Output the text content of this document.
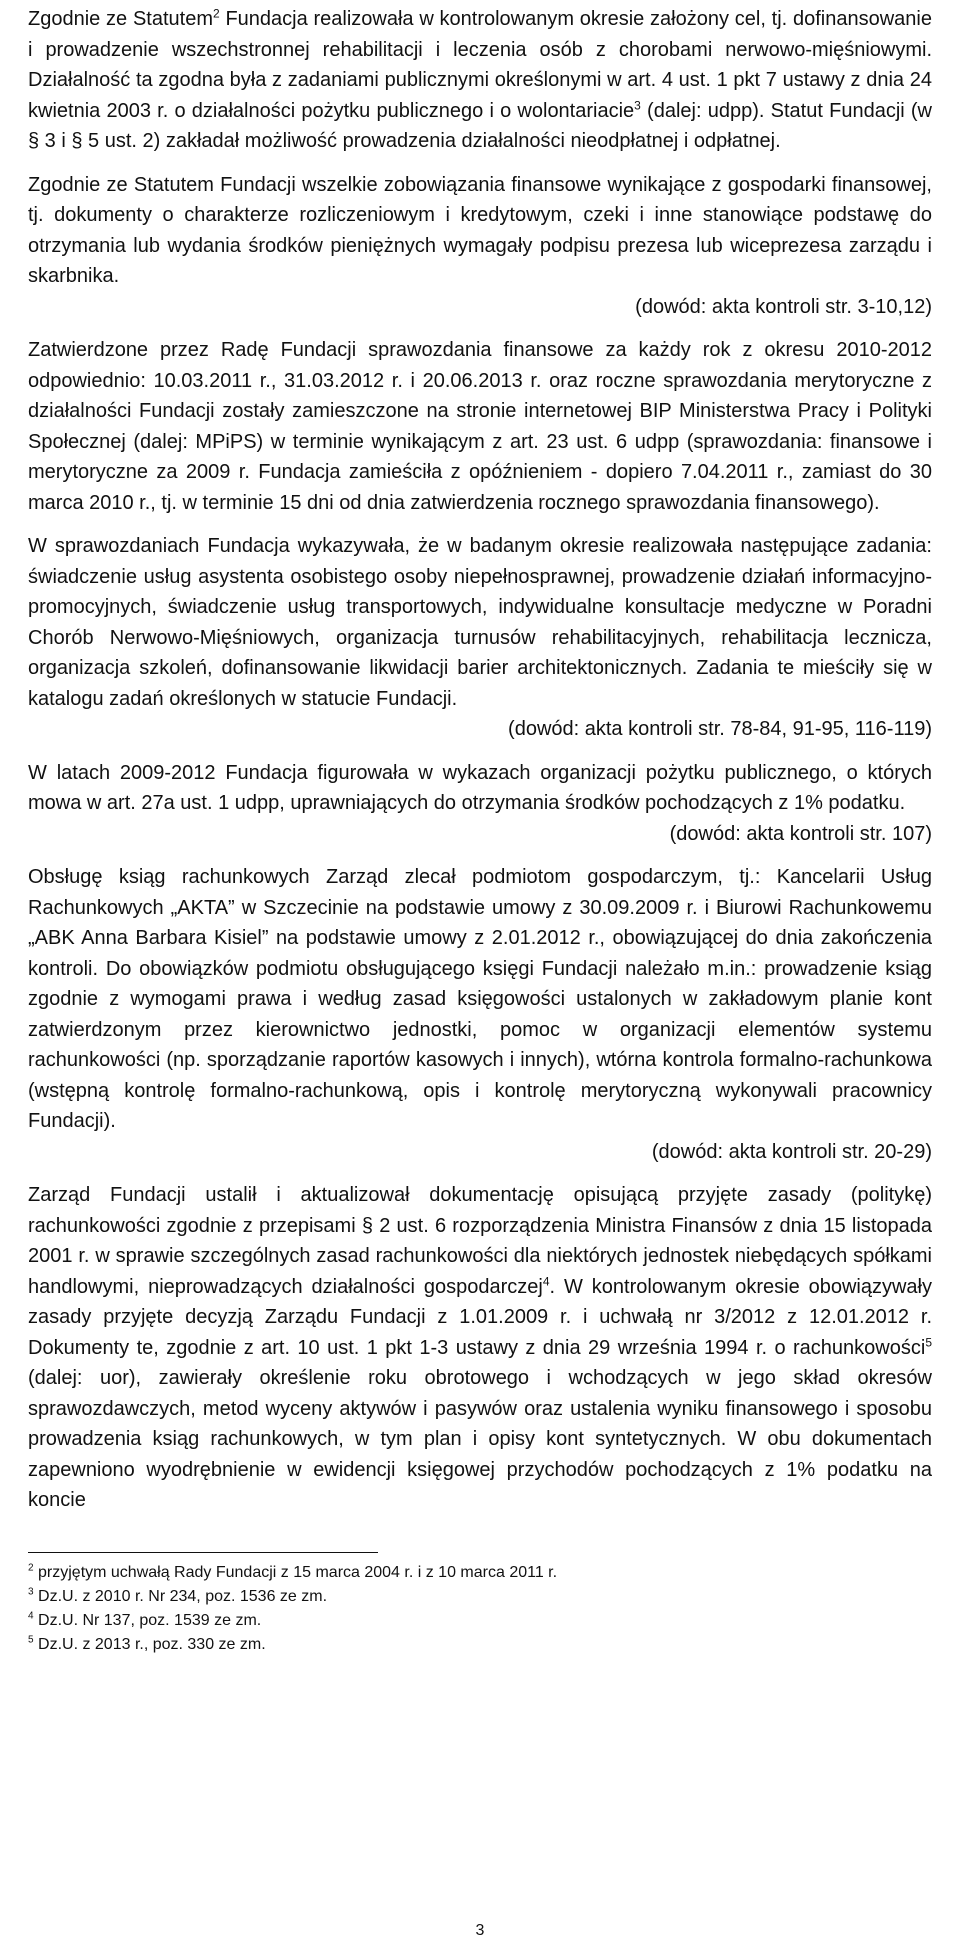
Zgodnie ze Statutem$^2$ Fundacja realizowała w kontrolowanym okresie założony cel, tj. dofinansowanie i prowadzenie wszechstronnej rehabilitacji i leczenia osób z chorobami nerwowo-mięśniowymi. Działalność ta zgodna była z zadaniami publicznymi określonymi w art. 4 ust. 1 pkt 7 ustawy z dnia 24 kwietnia 2003 r. o działalności pożytku publicznego i o wolontariacie$^3$ (dalej: udpp). Statut Fundacji (w § 3 i § 5 ust. 2) zakładał możliwość prowadzenia działalności nieodpłatnej i odpłatnej.

Zgodnie ze Statutem Fundacji wszelkie zobowiązania finansowe wynikające z gospodarki finansowej, tj. dokumenty o charakterze rozliczeniowym i kredytowym, czeki i inne stanowiące podstawę do otrzymania lub wydania środków pieniężnych wymagały podpisu prezesa lub wiceprezesa zarządu i skarbnika.

(dowód: akta kontroli str. 3-10,12)

Zatwierdzone przez Radę Fundacji sprawozdania finansowe za każdy rok z okresu 2010-2012 odpowiednio: 10.03.2011 r., 31.03.2012 r. i 20.06.2013 r. oraz roczne sprawozdania merytoryczne z działalności Fundacji zostały zamieszczone na stronie internetowej BIP Ministerstwa Pracy i Polityki Społecznej (dalej: MPiPS) w terminie wynikającym z art. 23 ust. 6 udpp (sprawozdania: finansowe i merytoryczne za 2009 r. Fundacja zamieściła z opóźnieniem - dopiero 7.04.2011 r., zamiast do 30 marca 2010 r., tj. w terminie 15 dni od dnia zatwierdzenia rocznego sprawozdania finansowego).

W sprawozdaniach Fundacja wykazywała, że w badanym okresie realizowała następujące zadania: świadczenie usług asystenta osobistego osoby niepełnosprawnej, prowadzenie działań informacyjno-promocyjnych, świadczenie usług transportowych, indywidualne konsultacje medyczne w Poradni Chorób Nerwowo-Mięśniowych, organizacja turnusów rehabilitacyjnych, rehabilitacja lecznicza, organizacja szkoleń, dofinansowanie likwidacji barier architektonicznych. Zadania te mieściły się w katalogu zadań określonych w statucie Fundacji.

(dowód: akta kontroli str. 78-84, 91-95, 116-119)

W latach 2009-2012 Fundacja figurowała w wykazach organizacji pożytku publicznego, o których mowa w art. 27a ust. 1 udpp, uprawniających do otrzymania środków pochodzących z 1% podatku.

(dowód: akta kontroli str. 107)

Obsługę ksiąg rachunkowych Zarząd zlecał podmiotom gospodarczym, tj.: Kancelarii Usług Rachunkowych „AKTA” w Szczecinie na podstawie umowy z 30.09.2009 r. i Biurowi Rachunkowemu „ABK Anna Barbara Kisiel” na podstawie umowy z 2.01.2012 r., obowiązującej do dnia zakończenia kontroli. Do obowiązków podmiotu obsługującego księgi Fundacji należało m.in.: prowadzenie ksiąg zgodnie z wymogami prawa i według zasad księgowości ustalonych w zakładowym planie kont zatwierdzonym przez kierownictwo jednostki, pomoc w organizacji elementów systemu rachunkowości (np. sporządzanie raportów kasowych i innych), wtórna kontrola formalno-rachunkowa (wstępną kontrolę formalno-rachunkową, opis i kontrolę merytoryczną wykonywali pracownicy Fundacji).

(dowód: akta kontroli str. 20-29)

Zarząd Fundacji ustalił i aktualizował dokumentację opisującą przyjęte zasady (politykę) rachunkowości zgodnie z przepisami § 2 ust. 6 rozporządzenia Ministra Finansów z dnia 15 listopada 2001 r. w sprawie szczególnych zasad rachunkowości dla niektórych jednostek niebędących spółkami handlowymi, nieprowadzących działalności gospodarczej$^4$. W kontrolowanym okresie obowiązywały zasady przyjęte decyzją Zarządu Fundacji z 1.01.2009 r. i uchwałą nr 3/2012 z 12.01.2012 r. Dokumenty te, zgodnie z art. 10 ust. 1 pkt 1-3 ustawy z dnia 29 września 1994 r. o rachunkowości$^5$ (dalej: uor), zawierały określenie roku obrotowego i wchodzących w jego skład okresów sprawozdawczych, metod wyceny aktywów i pasywów oraz ustalenia wyniku finansowego i sposobu prowadzenia ksiąg rachunkowych, w tym plan i opisy kont syntetycznych. W obu dokumentach zapewniono wyodrębnienie w ewidencji księgowej przychodów pochodzących z 1% podatku na koncie

$^2$ przyjętym uchwałą Rady Fundacji z 15 marca 2004 r. i z 10 marca 2011 r.

$^3$ Dz.U. z 2010 r. Nr 234, poz. 1536 ze zm.

$^4$ Dz.U. Nr 137, poz. 1539 ze zm.

$^5$ Dz.U. z 2013 r., poz. 330 ze zm.

3
